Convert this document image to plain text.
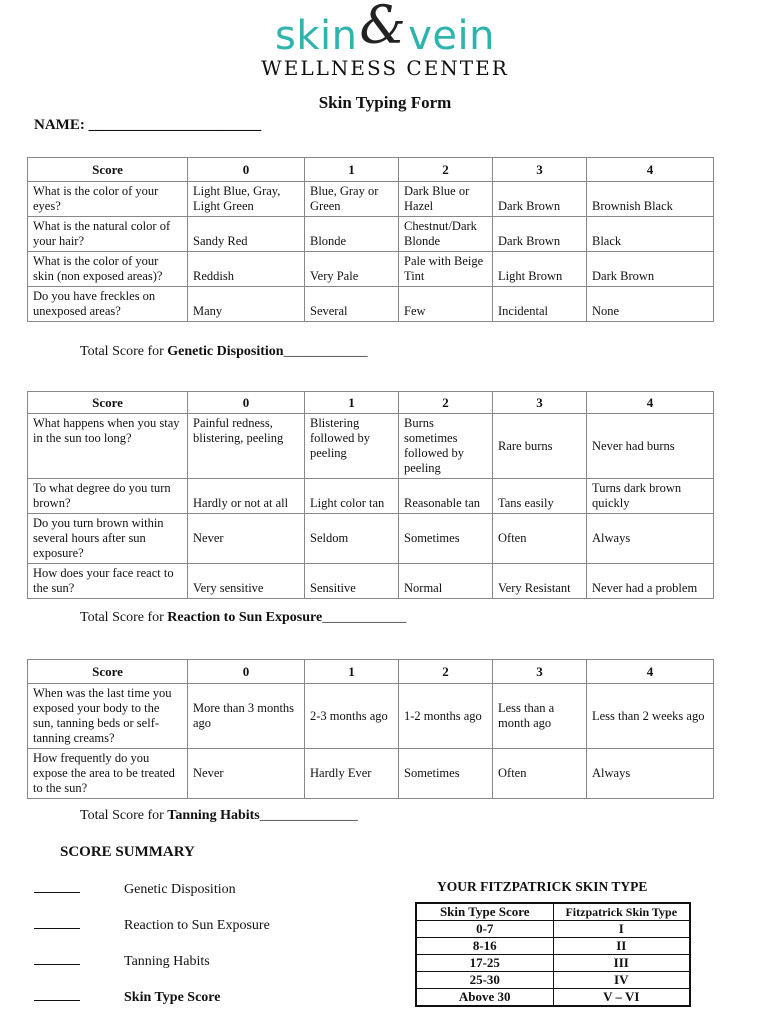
skin&vein
WELLNESS CENTER
Skin Typing Form
NAME: _______________________
Score	0	1	2	3	4
What is the color of your eyes?	Light Blue, Gray, Light Green	Blue, Gray or Green	Dark Blue or Hazel	Dark Brown	Brownish Black
What is the natural color of your hair?	Sandy Red	Blonde	Chestnut/Dark Blonde	Dark Brown	Black
What is the color of your skin (non exposed areas)?	Reddish	Very Pale	Pale with Beige Tint	Light Brown	Dark Brown
Do you have freckles on unexposed areas?	Many	Several	Few	Incidental	None
Total Score for Genetic Disposition____________
Score	0	1	2	3	4
What happens when you stay in the sun too long?	Painful redness, blistering, peeling	Blistering followed by peeling	Burns sometimes followed by peeling	Rare burns	Never had burns
To what degree do you turn brown?	Hardly or not at all	Light color tan	Reasonable tan	Tans easily	Turns dark brown quickly
Do you turn brown within several hours after sun exposure?	Never	Seldom	Sometimes	Often	Always
How does your face react to the sun?	Very sensitive	Sensitive	Normal	Very Resistant	Never had a problem
Total Score for Reaction to Sun Exposure____________
Score	0	1	2	3	4
When was the last time you exposed your body to the sun, tanning beds or self-tanning creams?	More than 3 months ago	2-3 months ago	1-2 months ago	Less than a month ago	Less than 2 weeks ago
How frequently do you expose the area to be treated to the sun?	Never	Hardly Ever	Sometimes	Often	Always
Total Score for Tanning Habits______________
SCORE SUMMARY
Genetic Disposition
Reaction to Sun Exposure
Tanning Habits
Skin Type Score
YOUR FITZPATRICK SKIN TYPE
Skin Type Score	Fitzpatrick Skin Type
0-7	I
8-16	II
17-25	III
25-30	IV
Above 30	V – VI
